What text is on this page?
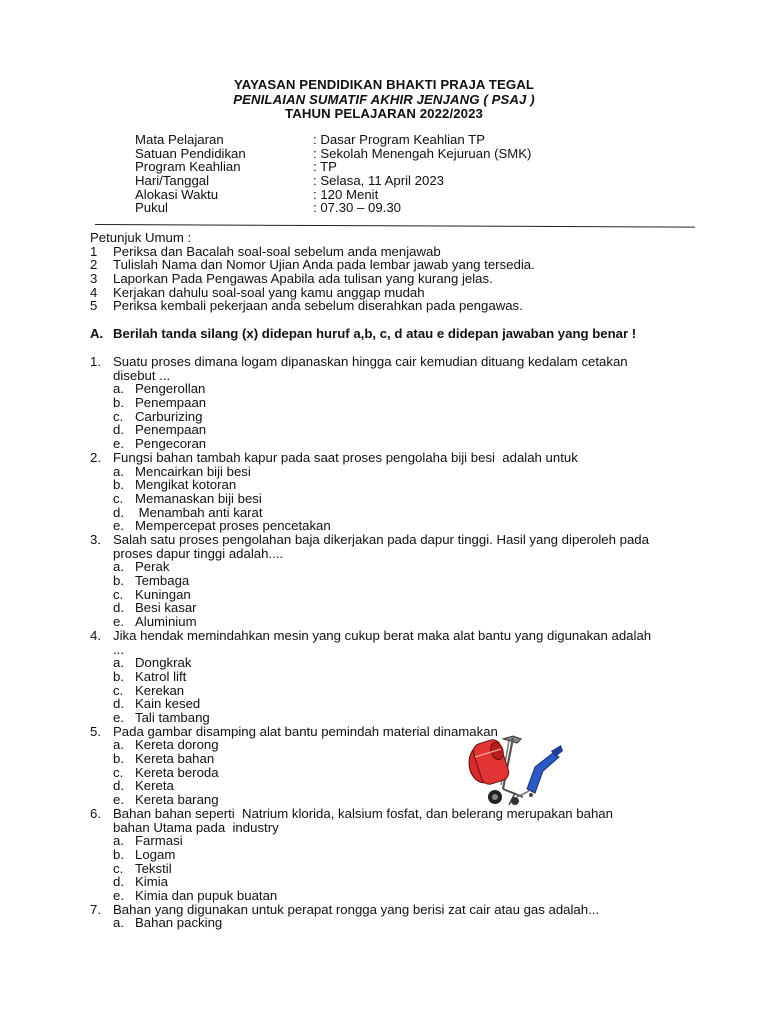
YAYASAN PENDIDIKAN BHAKTI PRAJA TEGAL
PENILAIAN SUMATIF AKHIR JENJANG ( PSAJ )
TAHUN PELAJARAN 2022/2023
Mata Pelajaran	: Dasar Program Keahlian TP
Satuan Pendidikan	: Sekolah Menengah Kejuruan (SMK)
Program Keahlian	: TP
Hari/Tanggal	: Selasa, 11 April 2023
Alokasi Waktu	: 120 Menit
Pukul	: 07.30 – 09.30
Petunjuk Umum :
1 Periksa dan Bacalah soal-soal sebelum anda menjawab
2 Tulislah Nama dan Nomor Ujian Anda pada lembar jawab yang tersedia.
3 Laporkan Pada Pengawas Apabila ada tulisan yang kurang jelas.
4 Kerjakan dahulu soal-soal yang kamu anggap mudah
5 Periksa kembali pekerjaan anda sebelum diserahkan pada pengawas.
A. Berilah tanda silang (x) didepan huruf a,b, c, d atau e didepan jawaban yang benar !
1. Suatu proses dimana logam dipanaskan hingga cair kemudian dituang kedalam cetakan
disebut ...
a. Pengerollan
b. Penempaan
c. Carburizing
d. Penempaan
e. Pengecoran
2. Fungsi bahan tambah kapur pada saat proses pengolaha biji besi  adalah untuk
a. Mencairkan biji besi
b. Mengikat kotoran
c. Memanaskan biji besi
d. Menambah anti karat
e. Mempercepat proses pencetakan
3. Salah satu proses pengolahan baja dikerjakan pada dapur tinggi. Hasil yang diperoleh pada
proses dapur tinggi adalah....
a. Perak
b. Tembaga
c. Kuningan
d. Besi kasar
e. Aluminium
4. Jika hendak memindahkan mesin yang cukup berat maka alat bantu yang digunakan adalah
...
a. Dongkrak
b. Katrol lift
c. Kerekan
d. Kain kesed
e. Tali tambang
5. Pada gambar disamping alat bantu pemindah material dinamakan
a. Kereta dorong
b. Kereta bahan
c. Kereta beroda
d. Kereta
e. Kereta barang
6. Bahan bahan seperti  Natrium klorida, kalsium fosfat, dan belerang merupakan bahan
bahan Utama pada  industry
a. Farmasi
b. Logam
c. Tekstil
d. Kimia
e. Kimia dan pupuk buatan
7. Bahan yang digunakan untuk perapat rongga yang berisi zat cair atau gas adalah...
a. Bahan packing
